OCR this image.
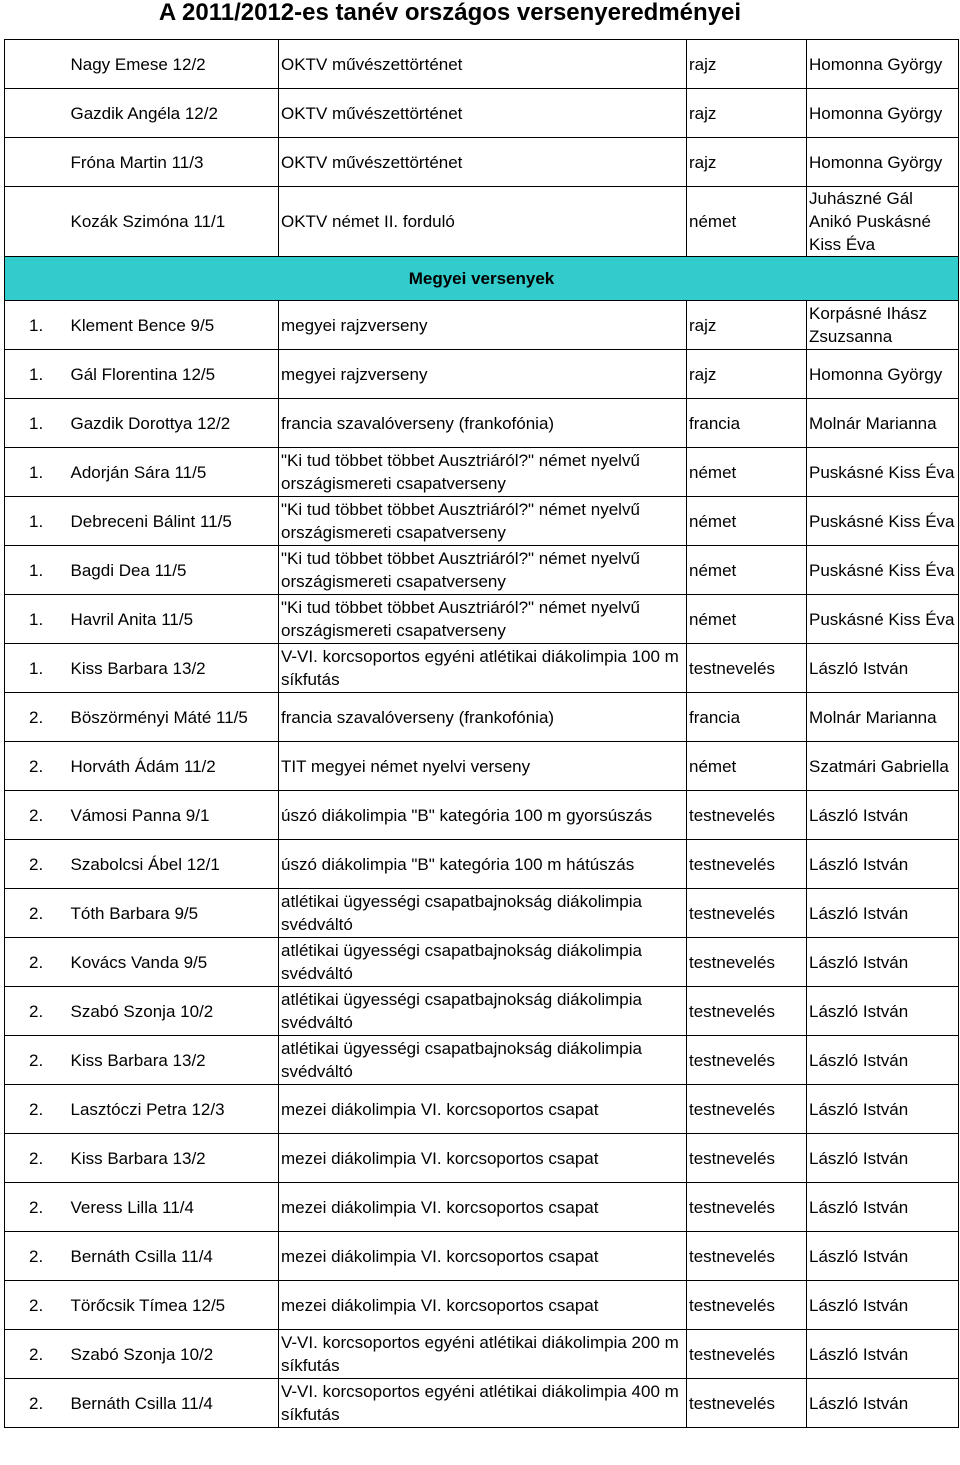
A 2011/2012-es tanév országos versenyeredményei
	Nagy Emese 12/2	OKTV művészettörténet	rajz	Homonna György
	Gazdik Angéla 12/2	OKTV művészettörténet	rajz	Homonna György
	Fróna Martin 11/3	OKTV művészettörténet	rajz	Homonna György
	Kozák Szimóna 11/1	OKTV német II. forduló	német	Juhászné Gál Anikó Puskásné Kiss Éva
Megyei versenyek				
1.	Klement Bence 9/5	megyei rajzverseny	rajz	Korpásné Ihász Zsuzsanna
1.	Gál Florentina 12/5	megyei rajzverseny	rajz	Homonna György
1.	Gazdik Dorottya 12/2	francia szavalóverseny (frankofónia)	francia	Molnár Marianna
1.	Adorján Sára 11/5	"Ki tud többet többet Ausztriáról?" német nyelvű országismereti csapatverseny	német	Puskásné Kiss Éva
1.	Debreceni Bálint 11/5	"Ki tud többet többet Ausztriáról?" német nyelvű országismereti csapatverseny	német	Puskásné Kiss Éva
1.	Bagdi Dea 11/5	"Ki tud többet többet Ausztriáról?" német nyelvű országismereti csapatverseny	német	Puskásné Kiss Éva
1.	Havril Anita 11/5	"Ki tud többet többet Ausztriáról?" német nyelvű országismereti csapatverseny	német	Puskásné Kiss Éva
1.	Kiss Barbara 13/2	V-VI. korcsoportos egyéni atlétikai diákolimpia 100 m síkfutás	testnevelés	László István
2.	Böszörményi Máté 11/5	francia szavalóverseny (frankofónia)	francia	Molnár Marianna
2.	Horváth Ádám 11/2	TIT megyei német nyelvi verseny	német	Szatmári Gabriella
2.	Vámosi Panna 9/1	úszó diákolimpia "B" kategória 100 m gyorsúszás	testnevelés	László István
2.	Szabolcsi Ábel 12/1	úszó diákolimpia "B" kategória 100 m hátúszás	testnevelés	László István
2.	Tóth Barbara 9/5	atlétikai ügyességi csapatbajnokság diákolimpia svédváltó	testnevelés	László István
2.	Kovács Vanda 9/5	atlétikai ügyességi csapatbajnokság diákolimpia svédváltó	testnevelés	László István
2.	Szabó Szonja 10/2	atlétikai ügyességi csapatbajnokság diákolimpia svédváltó	testnevelés	László István
2.	Kiss Barbara 13/2	atlétikai ügyességi csapatbajnokság diákolimpia svédváltó	testnevelés	László István
2.	Lasztóczi Petra 12/3	mezei diákolimpia VI. korcsoportos csapat	testnevelés	László István
2.	Kiss Barbara 13/2	mezei diákolimpia VI. korcsoportos csapat	testnevelés	László István
2.	Veress Lilla 11/4	mezei diákolimpia VI. korcsoportos csapat	testnevelés	László István
2.	Bernáth Csilla 11/4	mezei diákolimpia VI. korcsoportos csapat	testnevelés	László István
2.	Törőcsik Tímea 12/5	mezei diákolimpia VI. korcsoportos csapat	testnevelés	László István
2.	Szabó Szonja 10/2	V-VI. korcsoportos egyéni atlétikai diákolimpia 200 m síkfutás	testnevelés	László István
2.	Bernáth Csilla 11/4	V-VI. korcsoportos egyéni atlétikai diákolimpia 400 m síkfutás	testnevelés	László István
